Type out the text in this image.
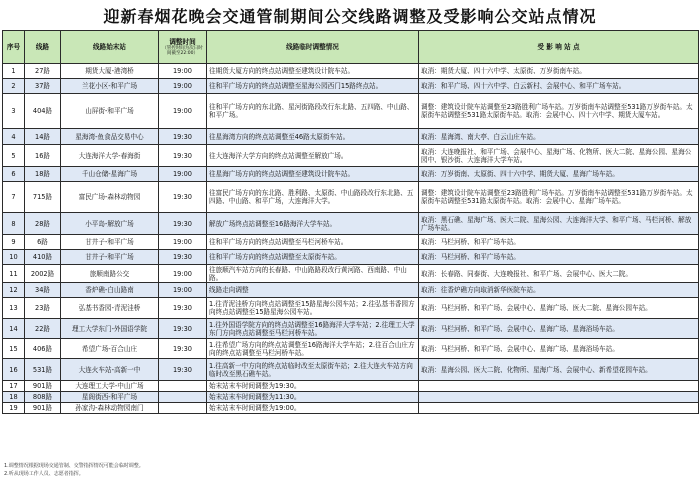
迎新春烟花晚会交通管制期间公交线路调整及受影响公交站点情况
序号	线路	线路始末站	调整时间
（管控时间为次日时间截至22:00）	线路临时调整情况	受 影 响 站 点
1	27路	期货大厦-港湾桥	19:00	往期货大厦方向的终点站调整至建筑设计院车站。	取消：期货大厦、四十六中学、太原街、万岁街南车站。
2	37路	兰花小区-和平广场	19:00	往和平广场方向的终点站调整至星海公园西门15路终点站。	取消：和平广场、四十六中学、白云新村、会展中心、和平广场车站。
3	404路	山屏街-和平广场	19:00	往和平广场方向的东北路、星河街路段改行东北路、五四路、中山路、和平广场。	调整：建筑设计院车站调整至23路胜利广场车站。万岁街南车站调整至531路万岁街车站。太原街车站调整至531路太原街车站。取消：会展中心、四十六中学、期货大厦车站。
4	14路	星海湾-鱼食品交易中心	19:30	往星海湾方向的终点站调整至46路太原街车站。	取消：星海湾、南大亭、白云山庄车站。
5	16路	大连海洋大学-春海街	19:30	往大连海洋大学方向的终点站调整至解放广场。	取消：大连晚报社、和平广场、会展中心、星海广场、化物所、医大二院、星海公园、星海公园中、银沙街、大连海洋大学车站。
6	18路	千山仓储-星海广场	19:00	往星海广场方向的终点站调整至建筑设计院车站。	取消：万岁街南、太原街、四十六中学、期货大厦、星海广场车站。
7	715路	富民广场-森林动物园	19:30	往富民广场方向的东北路、胜利路、太原街、中山路段改行东北路、五四路、中山路、和平广场，大连海洋大学。	调整：建筑设计院车站调整至23路胜利广场车站。万岁街南车站调整至531路万岁街车站。太原街车站调整至531路太原街车站。取消：会展中心、星海广场车站。
8	28路	小平岛-解放广场	19:30	解放广场终点站调整至16路海洋大学车站。	取消：黑石礁、星海广场、医大二院、星海公园、大连海洋大学、和平广场、马栏河桥、解放广场车站。
9	6路	甘井子-和平广场	19:00	往和平广场方向的终点站调整至马栏河桥车站。	取消：马栏河桥、和平广场车站。
10	410路	甘井子-和平广场	19:30	往和平广场方向的终点站调整至太原街车站。	取消：马栏河桥、和平广场车站。
11	2002路	旅顺南路公交	19:00	往旅顺汽车站方向的长春路、中山路路段改行黄河路、西南路、中山路。	取消：长春路、同泰街、大连晚报社、和平广场、会展中心、医大二院。
12	34路	香炉礁-白山路南	19:00	线路走向调整	取消：往香炉礁方向取消新华医院车站。
13	23路	弘基书香园-青泥洼桥	19:30	1.往青泥洼桥方向终点站调整至15路星海公园车站；2.往弘基书香园方向终点站调整至15路星海公园车站。	取消：马栏河桥、和平广场、会展中心、星海广场、医大二院、星海公园车站。
14	22路	理工大学东门-外国语学院	19:30	1.往外国语学院方向的终点站调整至16路海洋大学车站；2.往理工大学东门方向终点站调整至马栏河桥车站。	取消：马栏河桥、和平广场、会展中心、星海广场、星海浴场车站。
15	406路	希望广场-百合山庄	19:30	1.往希望广场方向的终点站调整至16路海洋大学车站；2.往百合山庄方向的终点站调整至马栏河桥车站。	取消：马栏河桥、和平广场、会展中心、星海广场、星海浴场车站。
16	531路	大连火车站-高新一中	19:30	1.往高新一中方向的终点站临时改至太原街车站；2.往大连火车站方向临时改至黑石礁车站。	取消：星海公园、医大二院、化物所、星海广场、会展中心、新希望花园车站。
17	901路	大连理工大学-中山广场		始末站末车时间调整为19:30。	
18	808路	星阁街西-和平广场		始末站末车时间调整为11:30。	
19	901路	孙家沟-森林动物园南门		始末站末车时间调整为19:00。	
1.调整情况根据现场交通管制、交警指挥情况可能会临时调整。
2.听从现场工作人员、志愿者指挥。
